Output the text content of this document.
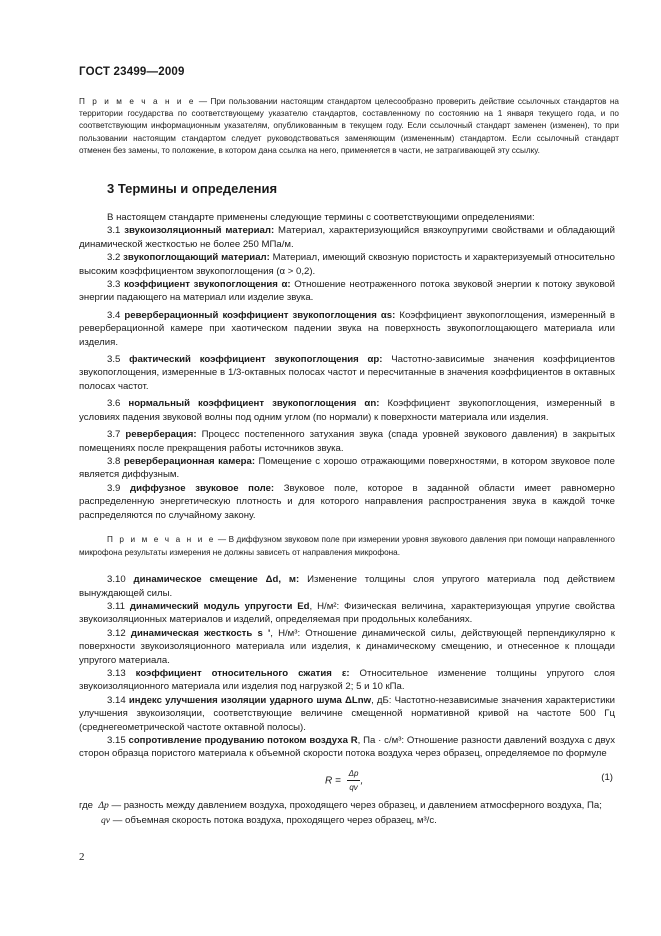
ГОСТ 23499—2009
П р и м е ч а н и е — При пользовании настоящим стандартом целесообразно проверить действие ссылочных стандартов на территории государства по соответствующему указателю стандартов, составленному по состоянию на 1 января текущего года, и по соответствующим информационным указателям, опубликованным в текущем году. Если ссылочный стандарт заменен (изменен), то при пользовании настоящим стандартом следует руководствоваться заменяющим (измененным) стандартом. Если ссылочный стандарт отменен без замены, то положение, в котором дана ссылка на него, применяется в части, не затрагивающей эту ссылку.
3 Термины и определения

В настоящем стандарте применены следующие термины с соответствующими определениями:

3.1 звукоизоляционный материал: Материал, характеризующийся вязкоупругими свойствами и обладающий динамической жесткостью не более 250 МПа/м.

3.2 звукопоглощающий материал: Материал, имеющий сквозную пористость и характеризуемый относительно высоким коэффициентом звукопоглощения (α > 0,2).

3.3 коэффициент звукопоглощения α: Отношение неотраженного потока звуковой энергии к потоку звуковой энергии падающего на материал или изделие звука.

3.4 реверберационный коэффициент звукопоглощения αs: Коэффициент звукопоглощения, измеренный в реверберационной камере при хаотическом падении звука на поверхность звукопоглощающего материала или изделия.

3.5 фактический коэффициент звукопоглощения αp: Частотно-зависимые значения коэффициентов звукопоглощения, измеренные в 1/3-октавных полосах частот и пересчитанные в значения коэффициентов в октавных полосах частот.

3.6 нормальный коэффициент звукопоглощения αn: Коэффициент звукопоглощения, измеренный в условиях падения звуковой волны под одним углом (по нормали) к поверхности материала или изделия.

3.7 реверберация: Процесс постепенного затухания звука (спада уровней звукового давления) в закрытых помещениях после прекращения работы источников звука.

3.8 реверберационная камера: Помещение с хорошо отражающими поверхностями, в котором звуковое поле является диффузным.

3.9 диффузное звуковое поле: Звуковое поле, которое в заданной области имеет равномерно распределенную энергетическую плотность и для которого направления распространения звука в каждой точке распределяются по случайному закону.

П р и м е ч а н и е — В диффузном звуковом поле при измерении уровня звукового давления при помощи направленного микрофона результаты измерения не должны зависеть от направления микрофона.

3.10 динамическое смещение Δd, м: Изменение толщины слоя упругого материала под действием вынуждающей силы.

3.11 динамический модуль упругости Ed, Н/м²: Физическая величина, характеризующая упругие свойства звукоизоляционных материалов и изделий, определяемая при продольных колебаниях.

3.12 динамическая жесткость s ', Н/м³: Отношение динамической силы, действующей перпендикулярно к поверхности звукоизоляционного материала или изделия, к динамическому смещению, и отнесенное к площади упругого материала.

3.13 коэффициент относительного сжатия ε: Относительное изменение толщины упругого слоя звукоизоляционного материала или изделия под нагрузкой 2; 5 и 10 кПа.

3.14 индекс улучшения изоляции ударного шума ΔLnw, дБ: Частотно-независимые значения характеристики улучшения звукоизоляции, соответствующие величине смещенной нормативной кривой на частоте 500 Гц (среднегеометрической частоте октавной полосы).

3.15 сопротивление продуванию потоком воздуха R, Па · с/м³: Отношение разности давлений воздуха с двух сторон образца пористого материала к объемной скорости потока воздуха через образец, определяемое по формуле

$R = \frac{\Delta p}{qv}$ ,	(1)
где Δp — разность между давлением воздуха, проходящего через образец, и давлением атмосферного воздуха, Па;
qv — объемная скорость потока воздуха, проходящего через образец, м³/с.
2
